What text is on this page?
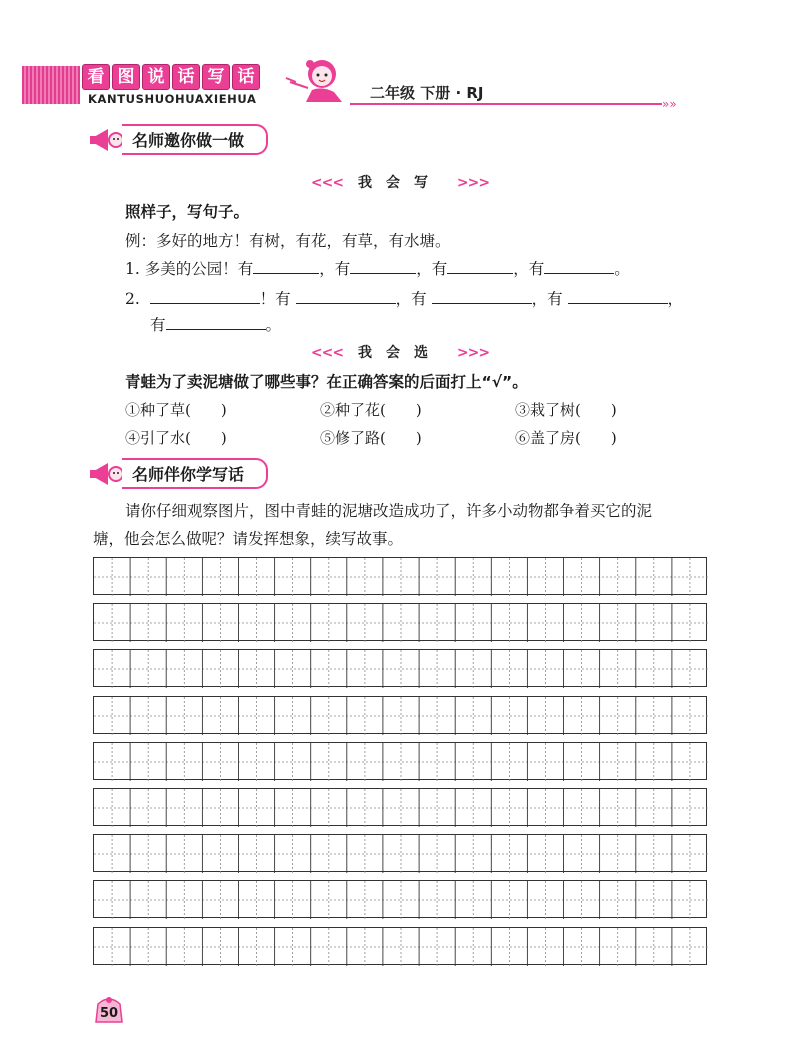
看 图 说 话 写 话
KANTUSHUOHUAXIEHUA	二年级 下册 · RJ
»»
名师邀你做一做
<<< 我会写 >>>
照样子，写句子。
例：多好的地方！有树，有花，有草，有水塘。
1. 多美的公园！有	，有	，有	，有	。
2.	！有	，有	，有	，
有	。
<<< 我会选 >>>
青蛙为了卖泥塘做了哪些事？在正确答案的后面打上“√”。
①种了草(　　)	②种了花(　　)	③栽了树(　　)
④引了水(　　)	⑤修了路(　　)	⑥盖了房(　　)
名师伴你学写话
请你仔细观察图片，图中青蛙的泥塘改造成功了，许多小动物都争着买它的泥
塘，他会怎么做呢？请发挥想象，续写故事。
50
